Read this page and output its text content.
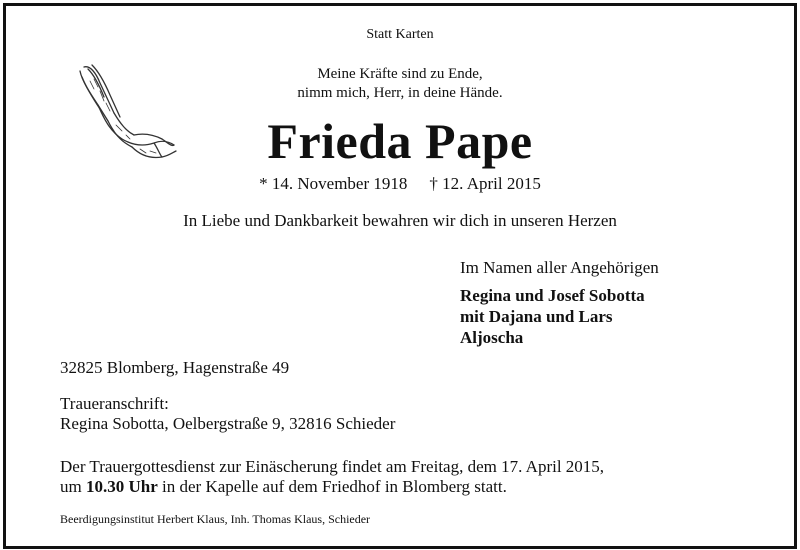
Statt Karten
Meine Kräfte sind zu Ende,
nimm mich, Herr, in deine Hände.
Frieda Pape
* 14. November 1918 † 12. April 2015
In Liebe und Dankbarkeit bewahren wir dich in unseren Herzen
Im Namen aller Angehörigen
Regina und Josef Sobotta
mit Dajana und Lars
Aljoscha
32825 Blomberg, Hagenstraße 49
Traueranschrift:
Regina Sobotta, Oelbergstraße 9, 32816 Schieder
Der Trauergottesdienst zur Einäscherung findet am Freitag, dem 17. April 2015,
um 10.30 Uhr in der Kapelle auf dem Friedhof in Blomberg statt.
Beerdigungsinstitut Herbert Klaus, Inh. Thomas Klaus, Schieder
